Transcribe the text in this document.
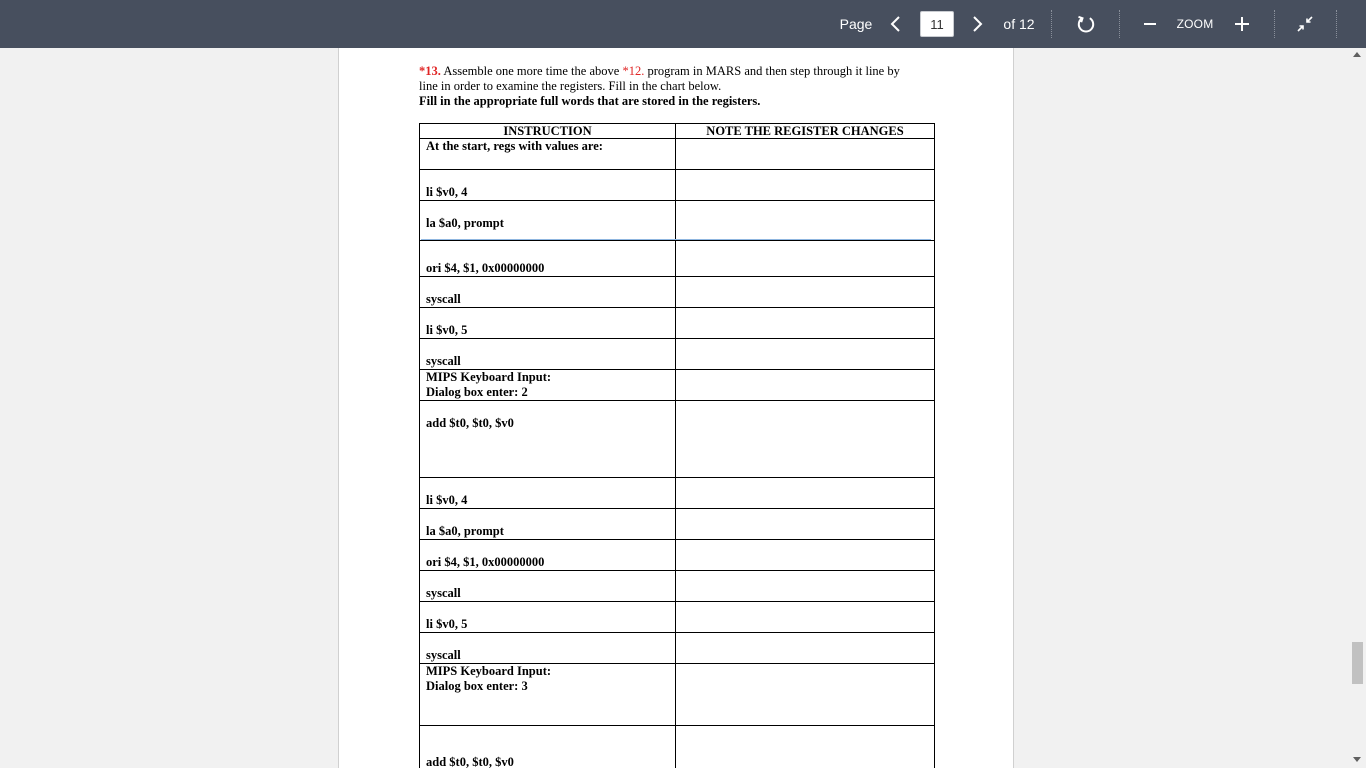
Page
11	of 12	ZOOM
*13. Assemble one more time the above *12. program in MARS and then step through it line by
line in order to examine the registers. Fill in the chart below.
Fill in the appropriate full words that are stored in the registers.
INSTRUCTION	NOTE THE REGISTER CHANGES
At the start, regs with values are:	
li $v0, 4	
la $a0, prompt	
ori $4, $1, 0x00000000	
syscall	
li $v0, 5	
syscall	

MIPS Keyboard Input:
Dialog box enter: 2	

add $t0, $t0, $v0	
li $v0, 4	
la $a0, prompt	
ori $4, $1, 0x00000000	
syscall	
li $v0, 5	
syscall	

MIPS Keyboard Input:
Dialog box enter: 3	

add $t0, $t0, $v0	
